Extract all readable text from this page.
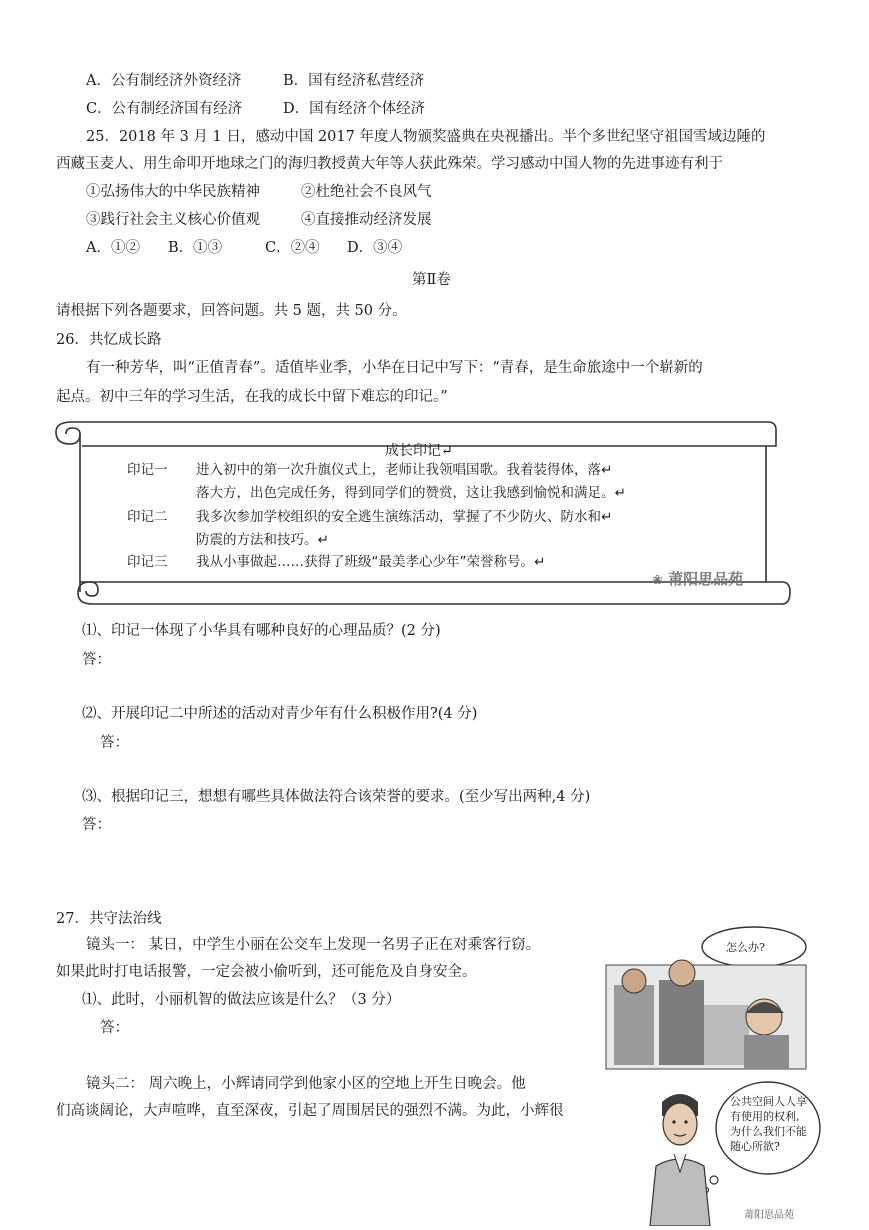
A．公有制经济外资经济	B．国有经济私营经济
C．公有制经济国有经济	D．国有经济个体经济
25．2018 年 3 月 1 日，感动中国 2017 年度人物颁奖盛典在央视播出。半个多世纪坚守祖国雪域边陲的
西藏玉麦人、用生命叩开地球之门的海归教授黄大年等人获此殊荣。学习感动中国人物的先进事迹有利于
①弘扬伟大的中华民族精神	②杜绝社会不良风气
③践行社会主义核心价值观	④直接推动经济发展
A．①② B．①③	C．②④ D．③④
第Ⅱ卷
请根据下列各题要求，回答问题。共 5 题，共 50 分。
26．共忆成长路
有一种芳华，叫“正值青春”。适值毕业季，小华在日记中写下：“青春，是生命旅途中一个崭新的
起点。初中三年的学习生活，在我的成长中留下难忘的印记。”
成长印记↵
印记一 进入初中的第一次升旗仪式上，老师让我领唱国歌。我着装得体，落↵
落大方，出色完成任务，得到同学们的赞赏，这让我感到愉悦和满足。↵
印记二 我多次参加学校组织的安全逃生演练活动，掌握了不少防火、防水和↵
防震的方法和技巧。↵
印记三 我从小事做起……获得了班级“最美孝心少年”荣誉称号。↵
❀ 莆阳思品苑
⑴、印记一体现了小华具有哪种良好的心理品质？(2 分)
答：
⑵、开展印记二中所述的活动对青少年有什么积极作用?(4 分)
答：
⑶、根据印记三，想想有哪些具体做法符合该荣誉的要求。(至少写出两种,4 分)
答：
27．共守法治线
镜头一： 某日，中学生小丽在公交车上发现一名男子正在对乘客行窃。
如果此时打电话报警，一定会被小偷听到，还可能危及自身安全。
⑴、此时，小丽机智的做法应该是什么？（3 分）
答：
镜头二： 周六晚上，小辉请同学到他家小区的空地上开生日晚会。他
们高谈阔论，大声喧哗，直至深夜，引起了周围居民的强烈不满。为此，小辉很
怎么办?
公共空间人人享
有使用的权利,
为什么我们不能
随心所欲?
莆阳思品苑
